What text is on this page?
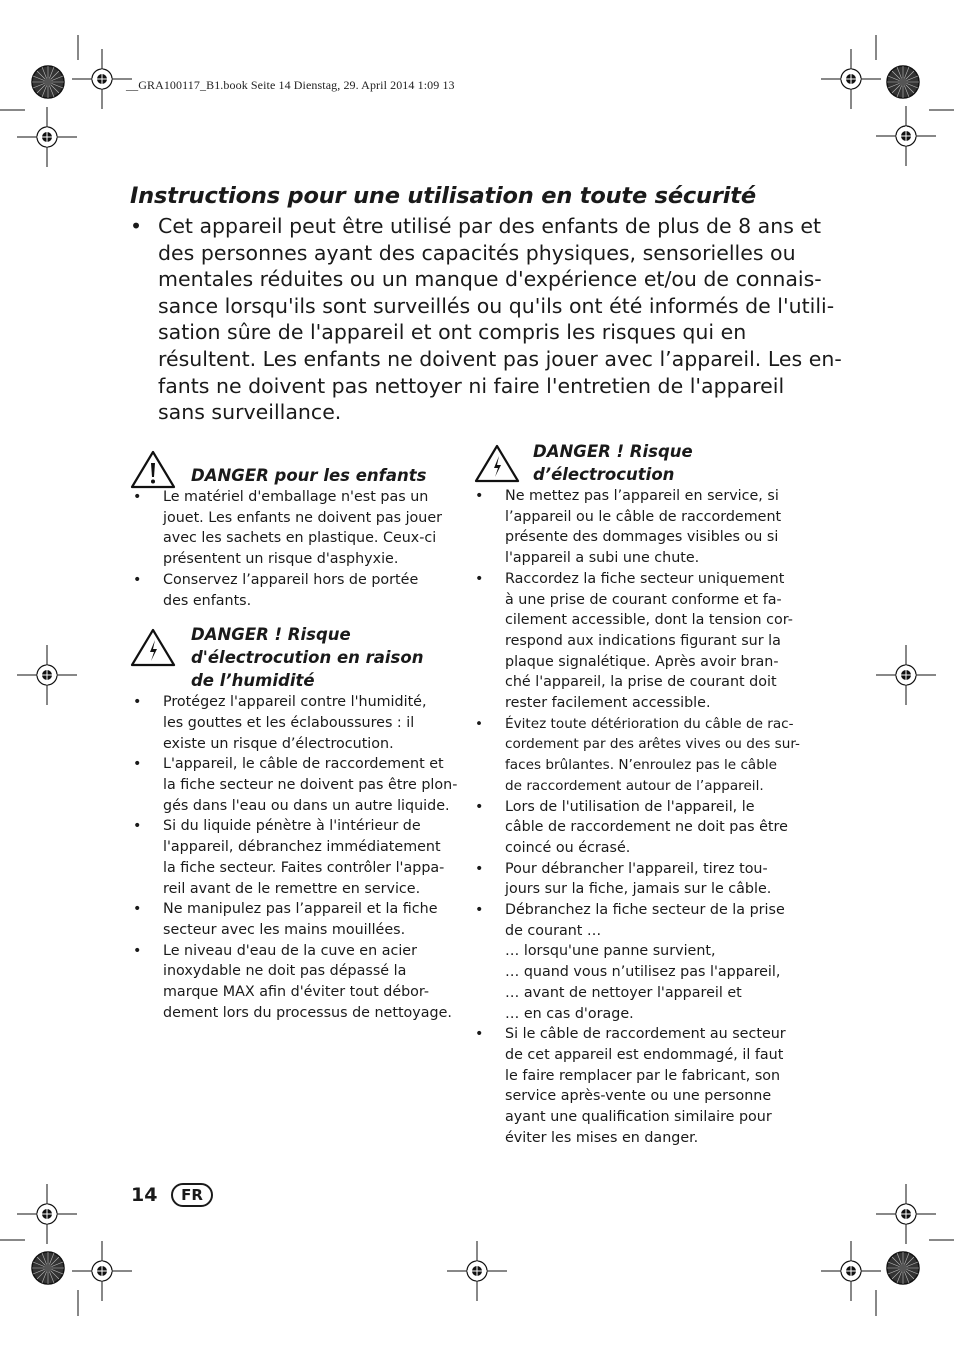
__GRA100117_B1.book Seite 14 Dienstag, 29. April 2014 1:09 13
Instructions pour une utilisation en toute sécurité
• Cet appareil peut être utilisé par des enfants de plus de 8 ans et
des personnes ayant des capacités physiques, sensorielles ou
mentales réduites ou un manque d'expérience et/ou de connais-
sance lorsqu'ils sont surveillés ou qu'ils ont été informés de l'utili-
sation sûre de l'appareil et ont compris les risques qui en
résultent. Les enfants ne doivent pas jouer avec l’appareil. Les en-
fants ne doivent pas nettoyer ni faire l'entretien de l'appareil
sans surveillance.
DANGER pour les enfants
• Le matériel d'emballage n'est pas un
jouet. Les enfants ne doivent pas jouer
avec les sachets en plastique. Ceux-ci
présentent un risque d'asphyxie.
• Conservez l’appareil hors de portée
des enfants.
DANGER ! Risque
d'électrocution en raison
de l’humidité
• Protégez l'appareil contre l'humidité,
les gouttes et les éclaboussures : il
existe un risque d’électrocution.
• L'appareil, le câble de raccordement et
la fiche secteur ne doivent pas être plon-
gés dans l'eau ou dans un autre liquide.
• Si du liquide pénètre à l'intérieur de
l'appareil, débranchez immédiatement
la fiche secteur. Faites contrôler l'appa-
reil avant de le remettre en service.
• Ne manipulez pas l’appareil et la fiche
secteur avec les mains mouillées.
• Le niveau d'eau de la cuve en acier
inoxydable ne doit pas dépassé la
marque MAX afin d'éviter tout débor-
dement lors du processus de nettoyage.
DANGER ! Risque
d’électrocution
• Ne mettez pas l’appareil en service, si
l’appareil ou le câble de raccordement
présente des dommages visibles ou si
l'appareil a subi une chute.
• Raccordez la fiche secteur uniquement
à une prise de courant conforme et fa-
cilement accessible, dont la tension cor-
respond aux indications figurant sur la
plaque signalétique. Après avoir bran-
ché l'appareil, la prise de courant doit
rester facilement accessible.
• Évitez toute détérioration du câble de rac-
cordement par des arêtes vives ou des sur-
faces brûlantes. N’enroulez pas le câble
de raccordement autour de l’appareil.
• Lors de l'utilisation de l'appareil, le
câble de raccordement ne doit pas être
coincé ou écrasé.
• Pour débrancher l'appareil, tirez tou-
jours sur la fiche, jamais sur le câble.
• Débranchez la fiche secteur de la prise
de courant …
… lorsqu'une panne survient,
… quand vous n’utilisez pas l'appareil,
… avant de nettoyer l'appareil et
… en cas d'orage.
• Si le câble de raccordement au secteur
de cet appareil est endommagé, il faut
le faire remplacer par le fabricant, son
service après-vente ou une personne
ayant une qualification similaire pour
éviter les mises en danger.
14	FR
